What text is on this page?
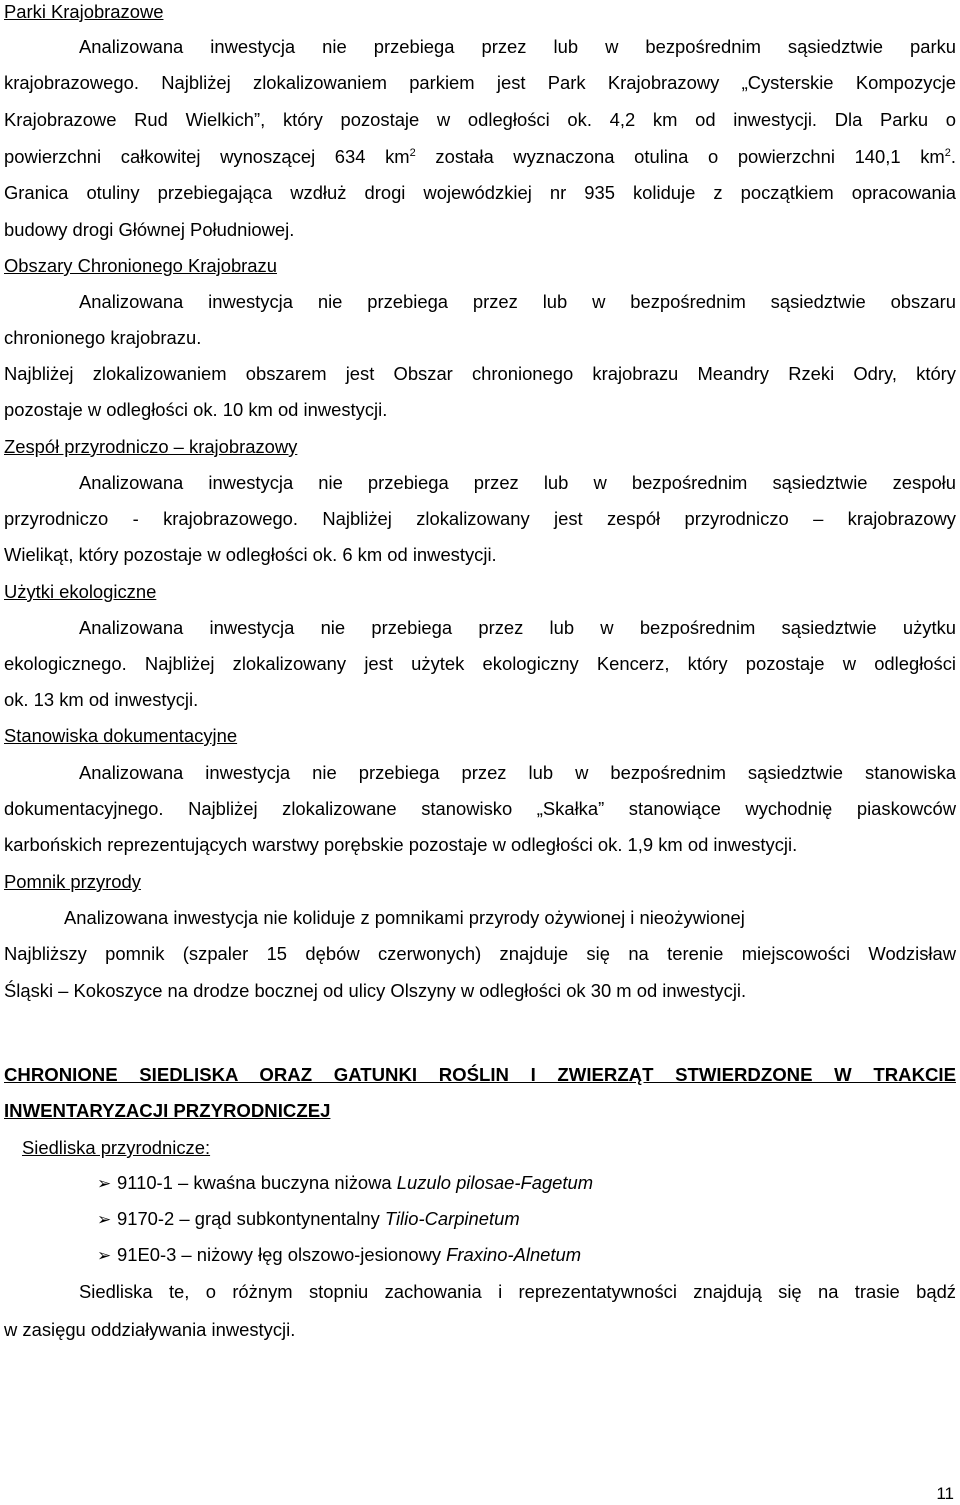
Parki Krajobrazowe
Analizowana inwestycja nie przebiega przez lub w bezpośrednim sąsiedztwie parku
krajobrazowego. Najbliżej zlokalizowaniem parkiem jest Park Krajobrazowy „Cysterskie Kompozycje
Krajobrazowe Rud Wielkich”, który pozostaje w odległości ok. 4,2 km od inwestycji. Dla Parku o
powierzchni całkowitej wynoszącej 634 $km^2$ została wyznaczona otulina o powierzchni 140,1 $km^2$.
Granica otuliny przebiegająca wzdłuż drogi wojewódzkiej nr 935 koliduje z początkiem opracowania
budowy drogi Głównej Południowej.
Obszary Chronionego Krajobrazu
Analizowana inwestycja nie przebiega przez lub w bezpośrednim sąsiedztwie obszaru
chronionego krajobrazu.
Najbliżej zlokalizowaniem obszarem jest Obszar chronionego krajobrazu Meandry Rzeki Odry, który
pozostaje w odległości ok. 10 km od inwestycji.
Zespół przyrodniczo – krajobrazowy
Analizowana inwestycja nie przebiega przez lub w bezpośrednim sąsiedztwie zespołu
przyrodniczo - krajobrazowego. Najbliżej zlokalizowany jest zespół przyrodniczo – krajobrazowy
Wielikąt, który pozostaje w odległości ok. 6 km od inwestycji.
Użytki ekologiczne
Analizowana inwestycja nie przebiega przez lub w bezpośrednim sąsiedztwie użytku
ekologicznego. Najbliżej zlokalizowany jest użytek ekologiczny Kencerz, który pozostaje w odległości
ok. 13 km od inwestycji.
Stanowiska dokumentacyjne
Analizowana inwestycja nie przebiega przez lub w bezpośrednim sąsiedztwie stanowiska
dokumentacyjnego. Najbliżej zlokalizowane stanowisko „Skałka” stanowiące wychodnię piaskowców
karbońskich reprezentujących warstwy porębskie pozostaje w odległości ok. 1,9 km od inwestycji.
Pomnik przyrody
Analizowana inwestycja nie koliduje z pomnikami przyrody ożywionej i nieożywionej
Najbliższy pomnik (szpaler 15 dębów czerwonych) znajduje się na terenie miejscowości Wodzisław
Śląski – Kokoszyce na drodze bocznej od ulicy Olszyny w odległości ok 30 m od inwestycji.
CHRONIONE SIEDLISKA ORAZ GATUNKI ROŚLIN I ZWIERZĄT STWIERDZONE W TRAKCIE
INWENTARYZACJI PRZYRODNICZEJ
Siedliska przyrodnicze:
➢ 9110-1 – kwaśna buczyna niżowa Luzulo pilosae-Fagetum
➢ 9170-2 – grąd subkontynentalny Tilio-Carpinetum
➢ 91E0-3 – niżowy łęg olszowo-jesionowy Fraxino-Alnetum
Siedliska te, o różnym stopniu zachowania i reprezentatywności znajdują się na trasie bądź
w zasięgu oddziaływania inwestycji.
11
